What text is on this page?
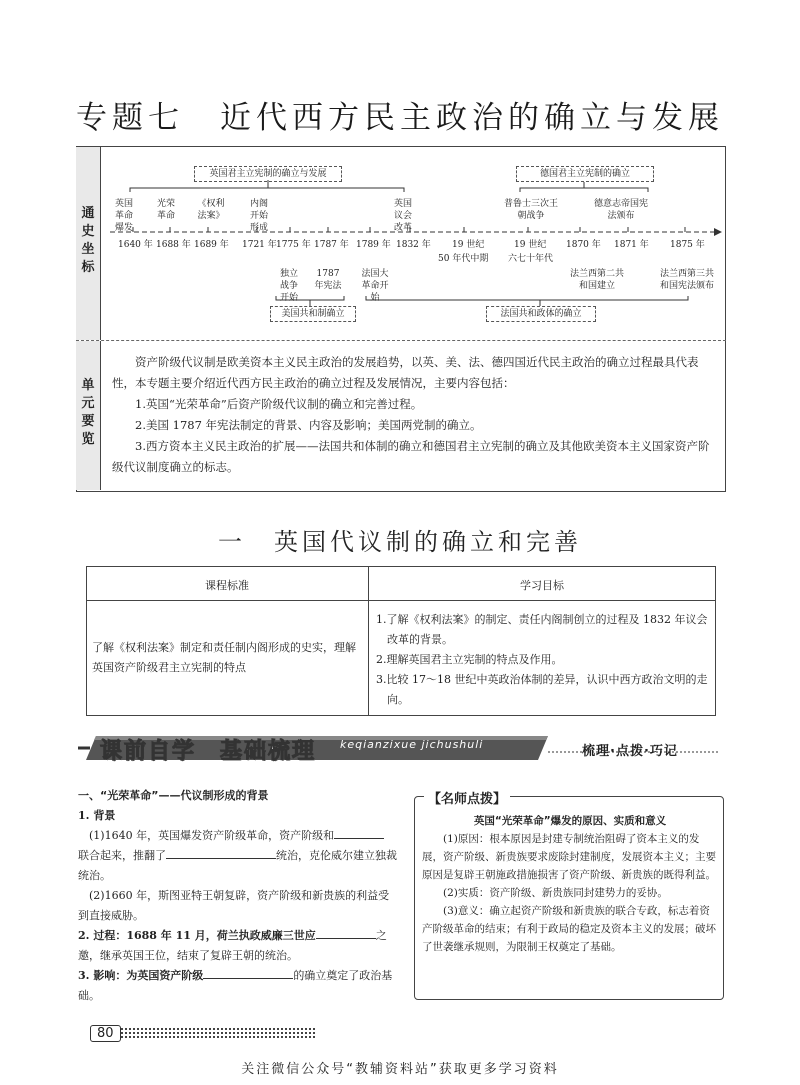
专题七　近代西方民主政治的确立与发展
通史坐标
单元要览
英国君主立宪制的确立与发展	德国君主立宪制的确立
英国革命爆发
光荣革命
《权利法案》
内阁开始形成
英国议会改革
普鲁士三次王朝战争
德意志帝国宪法颁布
1640 年 1688 年 1689 年 1721 年 1775 年 1787 年 1789 年 1832 年 19 世纪
50 年代中期
19 世纪
六七十年代
1870 年 1871 年 1875 年
独立战争开始
1787 年宪法
法国大革命开始
法兰西第二共和国建立
法兰西第三共和国宪法颁布
美国共和制确立	法国共和政体的确立

资产阶级代议制是欧美资本主义民主政治的发展趋势，以英、美、法、德四国近代民主政治的确立过程最具代表性，本专题主要介绍近代西方民主政治的确立过程及发展情况，主要内容包括：

1.英国“光荣革命”后资产阶级代议制的确立和完善过程。

2.美国 1787 年宪法制定的背景、内容及影响；美国两党制的确立。

3.西方资本主义民主政治的扩展——法国共和体制的确立和德国君主立宪制的确立及其他欧美资本主义国家资产阶级代议制度确立的标志。

一　英国代议制的确立和完善
课程标准	学习目标
了解《权利法案》制定和责任制内阁形成的史实，理解英国资产阶级君主立宪制的特点
1.了解《权利法案》的制定、责任内阁制创立的过程及 1832 年议会改革的背景。
2.理解英国君主立宪制的特点及作用。
3.比较 17～18 世纪中英政治体制的差异，认识中西方政治文明的走向。
课前自学　基础梳理 keqianzixue jichushuli	梳理·点拨·巧记

一、“光荣革命”——代议制形成的背景

1. 背景

(1)1640 年，英国爆发资产阶级革命，资产阶级和

联合起来，推翻了	统治，克伦威尔建立独裁统治。

(2)1660 年，斯图亚特王朝复辟，资产阶级和新贵族的利益受到直接威胁。

2. 过程：1688 年 11 月，荷兰执政威廉三世应	之邀，继承英国王位，结束了复辟王朝的统治。

3. 影响：为英国资产阶级	的确立奠定了政治基础。

【名师点拨】

英国“光荣革命”爆发的原因、实质和意义

(1)原因：根本原因是封建专制统治阻碍了资本主义的发展，资产阶级、新贵族要求废除封建制度，发展资本主义；主要原因是复辟王朝施政措施损害了资产阶级、新贵族的既得利益。

(2)实质：资产阶级、新贵族同封建势力的妥协。

(3)意义：确立起资产阶级和新贵族的联合专政，标志着资产阶级革命的结束；有利于政局的稳定及资本主义的发展；破坏了世袭继承规则，为限制王权奠定了基础。

80
关注微信公众号“教辅资料站”获取更多学习资料
